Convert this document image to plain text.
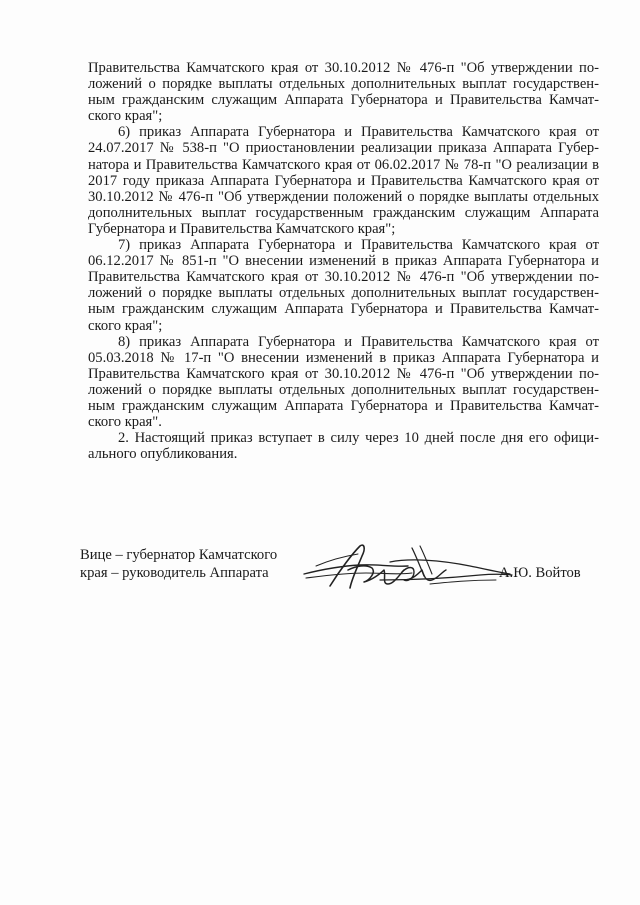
Правительства Камчатского края от 30.10.2012 № 476-п "Об утверждении положений о порядке выплаты отдельных дополнительных выплат государственным гражданским служащим Аппарата Губернатора и Правительства Камчатского края";

6) приказ Аппарата Губернатора и Правительства Камчатского края от 24.07.2017 № 538-п "О приостановлении реализации приказа Аппарата Губернатора и Правительства Камчатского края от 06.02.2017 № 78-п "О реализации в 2017 году приказа Аппарата Губернатора и Правительства Камчатского края от 30.10.2012 № 476-п "Об утверждении положений о порядке выплаты отдельных дополнительных выплат государственным гражданским служащим Аппарата Губернатора и Правительства Камчатского края";

7) приказ Аппарата Губернатора и Правительства Камчатского края от 06.12.2017 № 851-п "О внесении изменений в приказ Аппарата Губернатора и Правительства Камчатского края от 30.10.2012 № 476-п "Об утверждении положений о порядке выплаты отдельных дополнительных выплат государственным гражданским служащим Аппарата Губернатора и Правительства Камчатского края";

8) приказ Аппарата Губернатора и Правительства Камчатского края от 05.03.2018 № 17-п "О внесении изменений в приказ Аппарата Губернатора и Правительства Камчатского края от 30.10.2012 № 476-п "Об утверждении положений о порядке выплаты отдельных дополнительных выплат государственным гражданским служащим Аппарата Губернатора и Правительства Камчатского края".

2. Настоящий приказ вступает в силу через 10 дней после дня его официального опубликования.

Вице – губернатор Камчатского
края – руководитель Аппарата	А.Ю. Войтов
